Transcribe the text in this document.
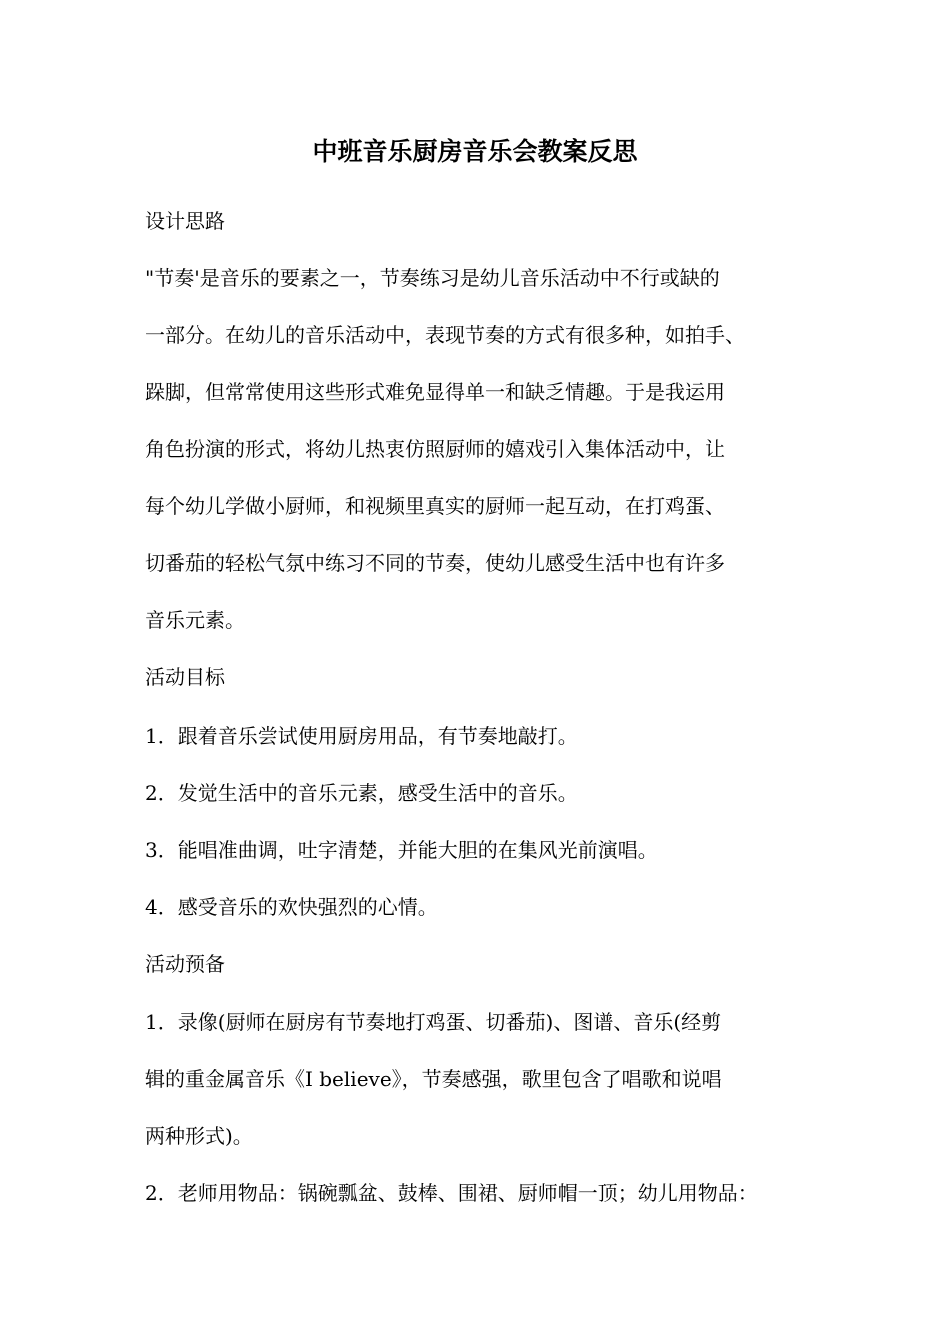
中班音乐厨房音乐会教案反思
设计思路
"节奏'是音乐的要素之一，节奏练习是幼儿音乐活动中不行或缺的
一部分。在幼儿的音乐活动中，表现节奏的方式有很多种，如拍手、
跺脚，但常常使用这些形式难免显得单一和缺乏情趣。于是我运用
角色扮演的形式，将幼儿热衷仿照厨师的嬉戏引入集体活动中，让
每个幼儿学做小厨师，和视频里真实的厨师一起互动，在打鸡蛋、
切番茄的轻松气氛中练习不同的节奏，使幼儿感受生活中也有许多
音乐元素。
活动目标
1．跟着音乐尝试使用厨房用品，有节奏地敲打。
2．发觉生活中的音乐元素，感受生活中的音乐。
3．能唱准曲调，吐字清楚，并能大胆的在集风光前演唱。
4．感受音乐的欢快强烈的心情。
活动预备
1．录像(厨师在厨房有节奏地打鸡蛋、切番茄)、图谱、音乐(经剪
辑的重金属音乐《I believe》，节奏感强，歌里包含了唱歌和说唱
两种形式)。
2．老师用物品：锅碗瓢盆、鼓棒、围裙、厨师帽一顶；幼儿用物品：
